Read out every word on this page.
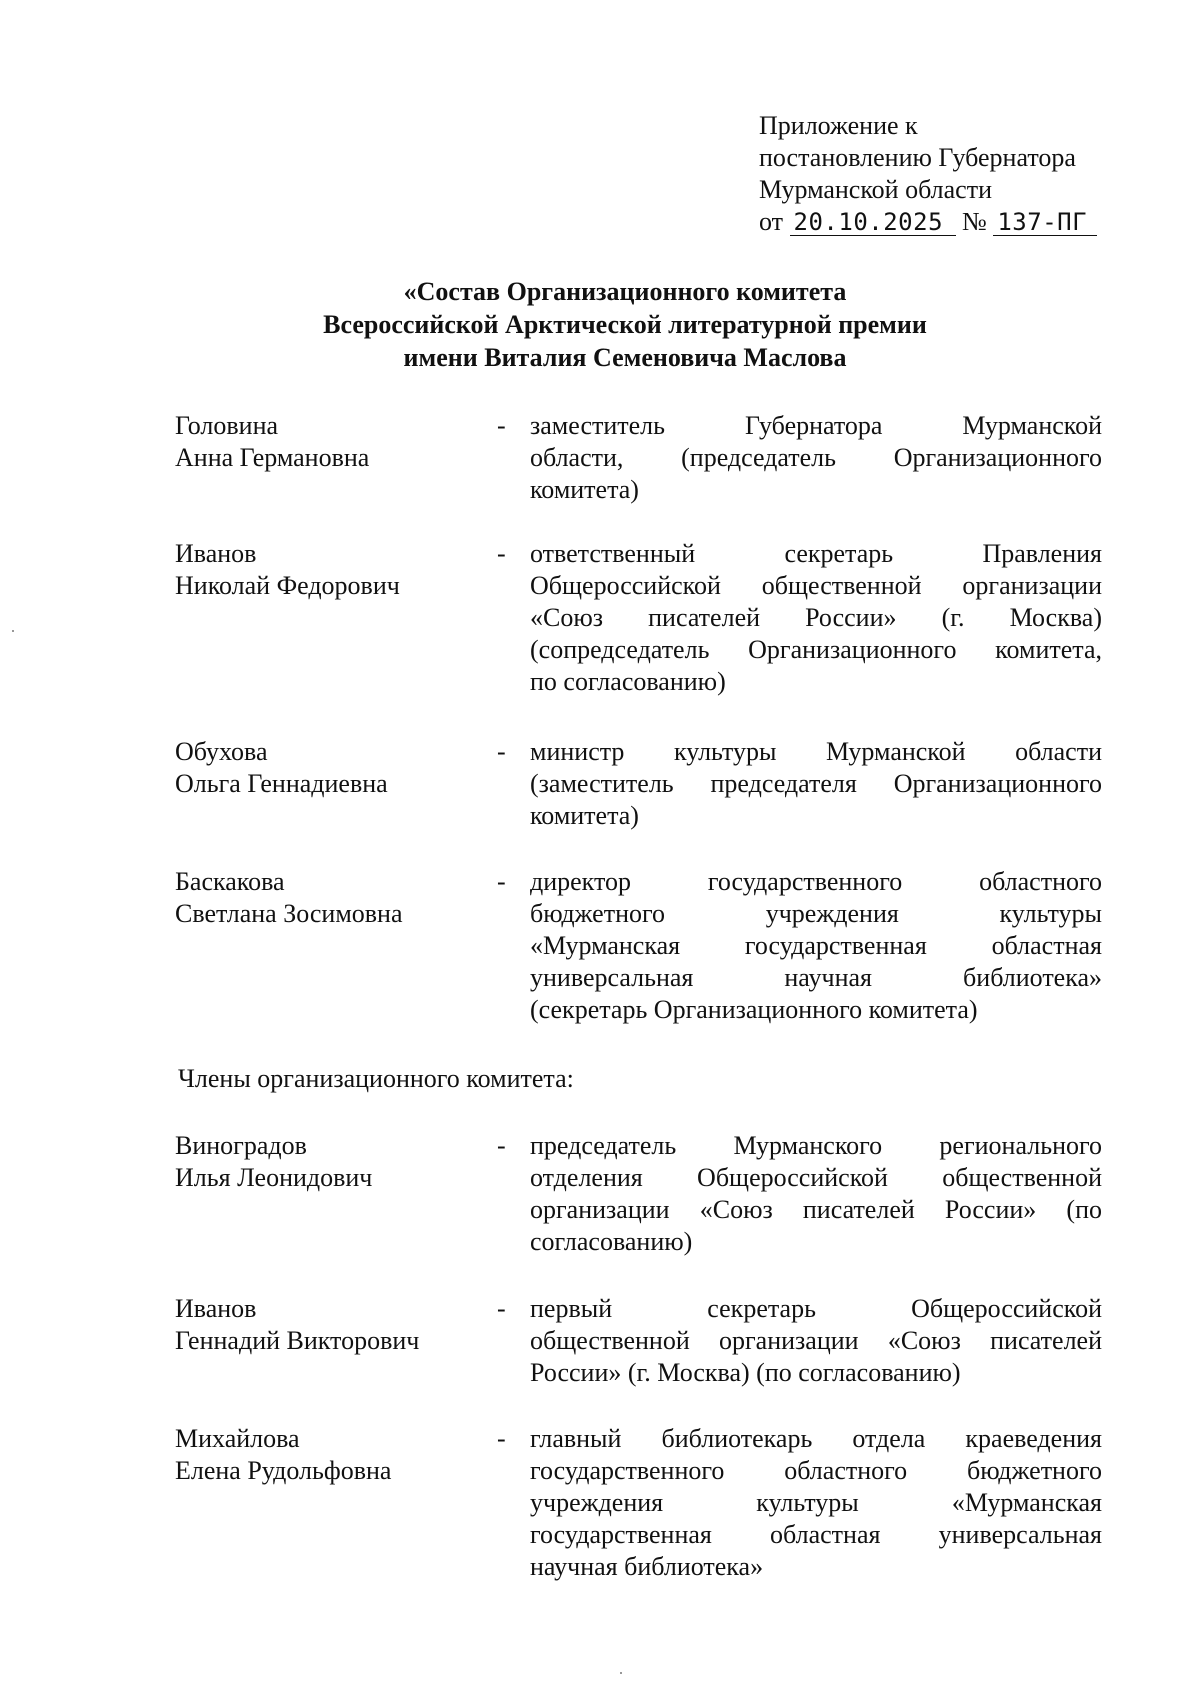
Приложение к
постановлению Губернатора
Мурманской области
от 20.10.2025 № 137-ПГ
«Состав Организационного комитета
Всероссийской Арктической литературной премии
имени Виталия Семеновича Маслова
Головина
Анна Германовна
- заместитель Губернатора Мурманской
области, (председатель Организационного
комитета)
Иванов
Николай Федорович
- ответственный секретарь Правления
Общероссийской общественной организации
«Союз писателей России» (г. Москва)
(сопредседатель Организационного комитета,
по согласованию)
Обухова
Ольга Геннадиевна
- министр культуры Мурманской области
(заместитель председателя Организационного
комитета)
Баскакова
Светлана Зосимовна
- директор государственного областного
бюджетного учреждения культуры
«Мурманская государственная областная
универсальная научная библиотека»
(секретарь Организационного комитета)
Члены организационного комитета:
Виноградов
Илья Леонидович
- председатель Мурманского регионального
отделения Общероссийской общественной
организации «Союз писателей России» (по
согласованию)
Иванов
Геннадий Викторович
- первый секретарь Общероссийской
общественной организации «Союз писателей
России» (г. Москва) (по согласованию)
Михайлова
Елена Рудольфовна
- главный библиотекарь отдела краеведения
государственного областного бюджетного
учреждения культуры «Мурманская
государственная областная универсальная
научная библиотека»
